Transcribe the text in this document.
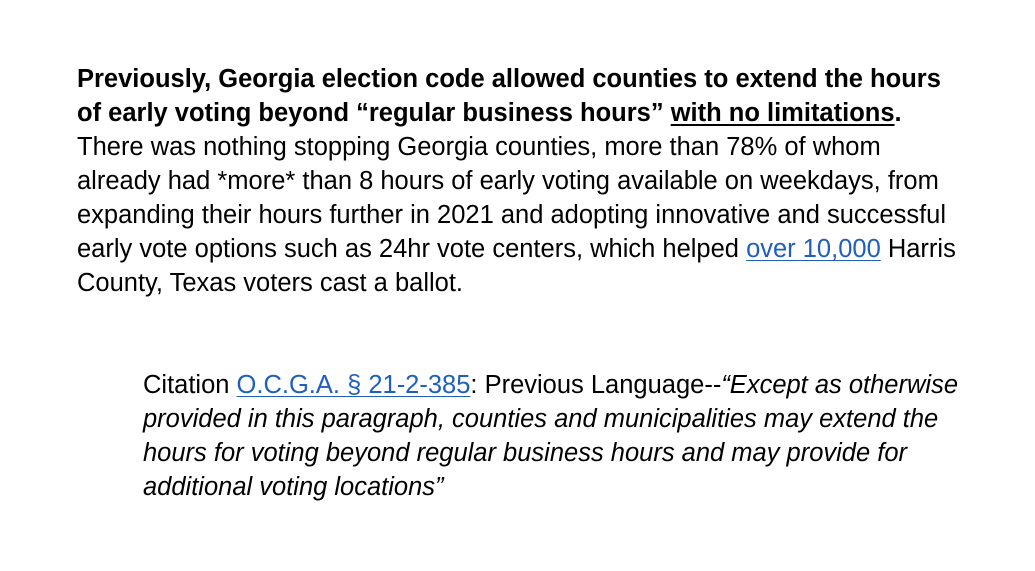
Previously, Georgia election code allowed counties to extend the hours of early voting beyond “regular business hours” with no limitations. There was nothing stopping Georgia counties, more than 78% of whom already had *more* than 8 hours of early voting available on weekdays, from expanding their hours further in 2021 and adopting innovative and successful early vote options such as 24hr vote centers, which helped over 10,000 Harris County, Texas voters cast a ballot.

Citation O.C.G.A. § 21-2-385: Previous Language--“Except as otherwise provided in this paragraph, counties and municipalities may extend the hours for voting beyond regular business hours and may provide for additional voting locations”
